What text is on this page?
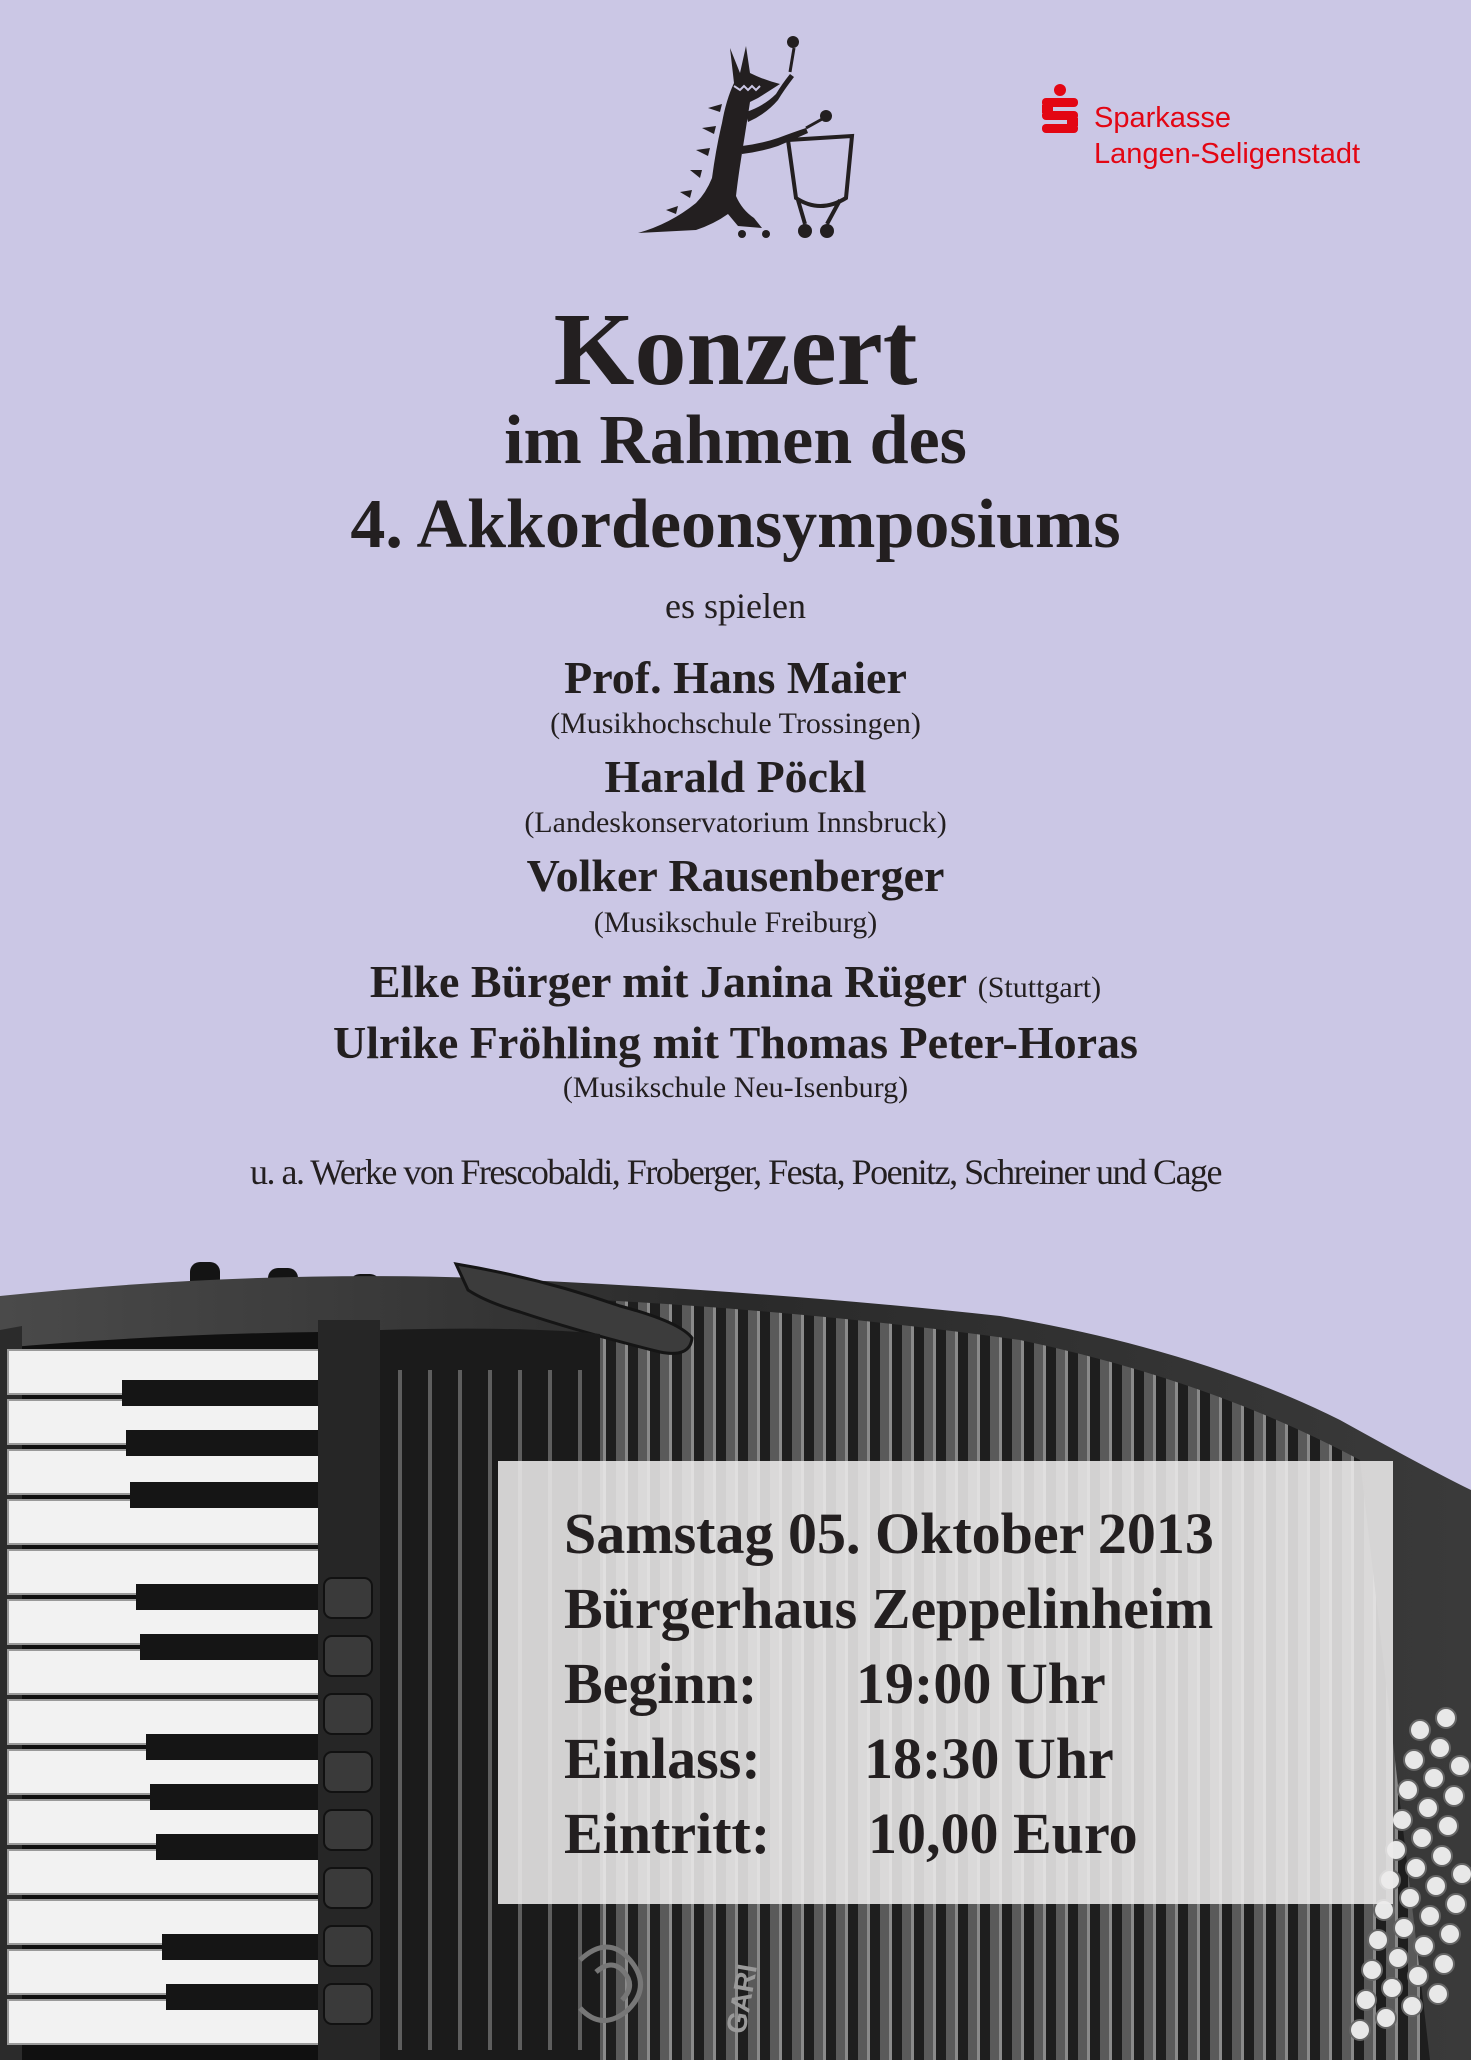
Sparkasse
Langen-Seligenstadt
Konzert
im Rahmen des
4. Akkordeonsymposiums
es spielen
Prof. Hans Maier
(Musikhochschule Trossingen)
Harald Pöckl
(Landeskonservatorium Innsbruck)
Volker Rausenberger
(Musikschule Freiburg)
Elke Bürger mit Janina Rüger (Stuttgart)
Ulrike Fröhling mit Thomas Peter-Horas
(Musikschule Neu-Isenburg)
u. a. Werke von Frescobaldi, Froberger, Festa, Poenitz, Schreiner und Cage
GARI
Samstag 05. Oktober 2013
Bürgerhaus Zeppelinheim
Beginn: 19:00 Uhr
Einlass: 18:30 Uhr
Eintritt: 10,00 Euro
